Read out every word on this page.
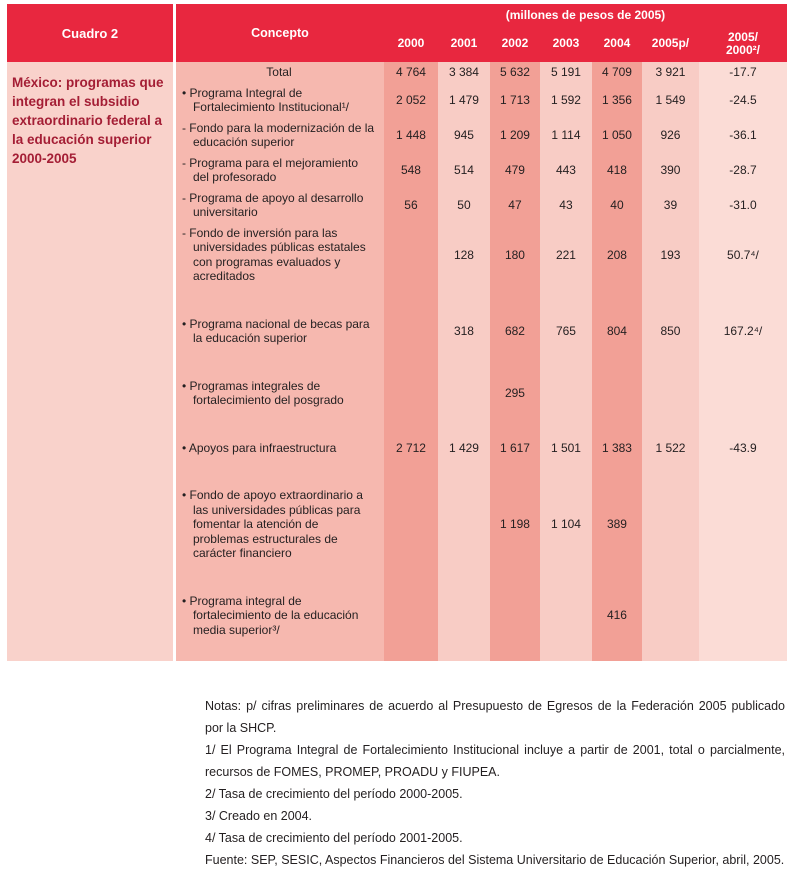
Cuadro 2
México: programas que integran el subsidio extraordinario federal a la educación superior 2000-2005
Concepto	(millones de pesos de 2005)						
	2000	2001	2002	2003	2004	2005p/	2005/
2000²/

Total	4 764	3 384	5 632	5 191	4 709	3 921	-17.7
• Programa Integral de Fortalecimiento Institucional¹/	2 052	1 479	1 713	1 592	1 356	1 549	-24.5
- Fondo para la modernización de la educación superior	1 448	945	1 209	1 114	1 050	926	-36.1
- Programa para el mejoramiento del profesorado	548	514	479	443	418	390	-28.7
- Programa de apoyo al desarrollo universitario	56	50	47	43	40	39	-31.0
- Fondo de inversión para las universidades públicas estatales con programas evaluados y acreditados		128	180	221	208	193	50.7⁴/
• Programa nacional de becas para la educación superior		318	682	765	804	850	167.2⁴/
• Programas integrales de fortalecimiento del posgrado			295				
• Apoyos para infraestructura	2 712	1 429	1 617	1 501	1 383	1 522	-43.9
• Fondo de apoyo extraordinario a las universidades públicas para fomentar la atención de problemas estructurales de carácter financiero			1 198	1 104	389		
• Programa integral de fortalecimiento de la educación media superior³/					416		

Notas: p/ cifras preliminares de acuerdo al Presupuesto de Egresos de la Federación 2005 publicado por la SHCP.

1/ El Programa Integral de Fortalecimiento Institucional incluye a partir de 2001, total o parcialmente, recursos de FOMES, PROMEP, PROADU y FIUPEA.

2/ Tasa de crecimiento del período 2000-2005.

3/ Creado en 2004.

4/ Tasa de crecimiento del período 2001-2005.

Fuente: SEP, SESIC, Aspectos Financieros del Sistema Universitario de Educación Superior, abril, 2005.
